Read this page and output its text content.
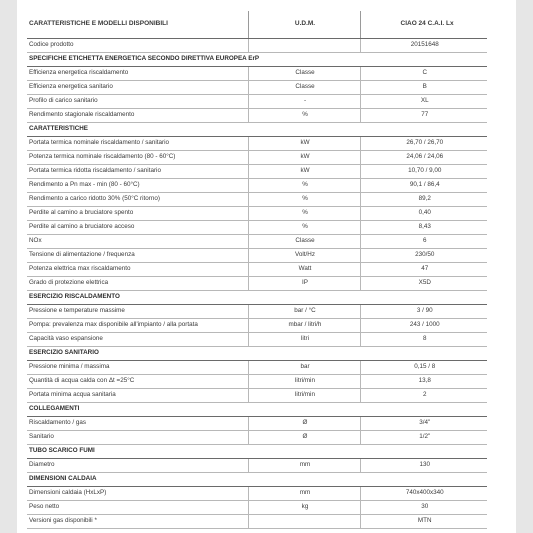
CARATTERISTICHE E MODELLI DISPONIBILI	U.D.M.	CIAO 24 C.A.I. Lx
Codice prodotto		20151648
SPECIFICHE ETICHETTA ENERGETICA SECONDO DIRETTIVA EUROPEA ErP		
Efficienza energetica riscaldamento	Classe	C
Efficienza energetica sanitario	Classe	B
Profilo di carico sanitario	-	XL
Rendimento stagionale riscaldamento	%	77
CARATTERISTICHE		
Portata termica nominale riscaldamento / sanitario	kW	26,70 / 26,70
Potenza termica nominale riscaldamento (80 - 60°C)	kW	24,06 / 24,06
Portata termica ridotta riscaldamento / sanitario	kW	10,70 / 9,00
Rendimento a Pn max - min (80 - 60°C)	%	90,1 / 86,4
Rendimento a carico ridotto 30% (50°C ritorno)	%	89,2
Perdite al camino a bruciatore spento	%	0,40
Perdite al camino a bruciatore acceso	%	8,43
NOx	Classe	6
Tensione di alimentazione / frequenza	Volt/Hz	230/50
Potenza elettrica max riscaldamento	Watt	47
Grado di protezione elettrica	IP	X5D
ESERCIZIO RISCALDAMENTO		
Pressione e temperature massime	bar / °C	3 / 90
Pompa: prevalenza max disponibile all'impianto / alla portata	mbar / litri/h	243 / 1000
Capacità vaso espansione	litri	8
ESERCIZIO SANITARIO		
Pressione minima / massima	bar	0,15 / 8
Quantità di acqua calda con Δt =25°C	litri/min	13,8
Portata minima acqua sanitaria	litri/min	2
COLLEGAMENTI		
Riscaldamento / gas	Ø	3/4"
Sanitario	Ø	1/2"
TUBO SCARICO FUMI		
Diametro	mm	130
DIMENSIONI CALDAIA		
Dimensioni caldaia (HxLxP)	mm	740x400x340
Peso netto	kg	30
Versioni gas disponibili *		MTN
